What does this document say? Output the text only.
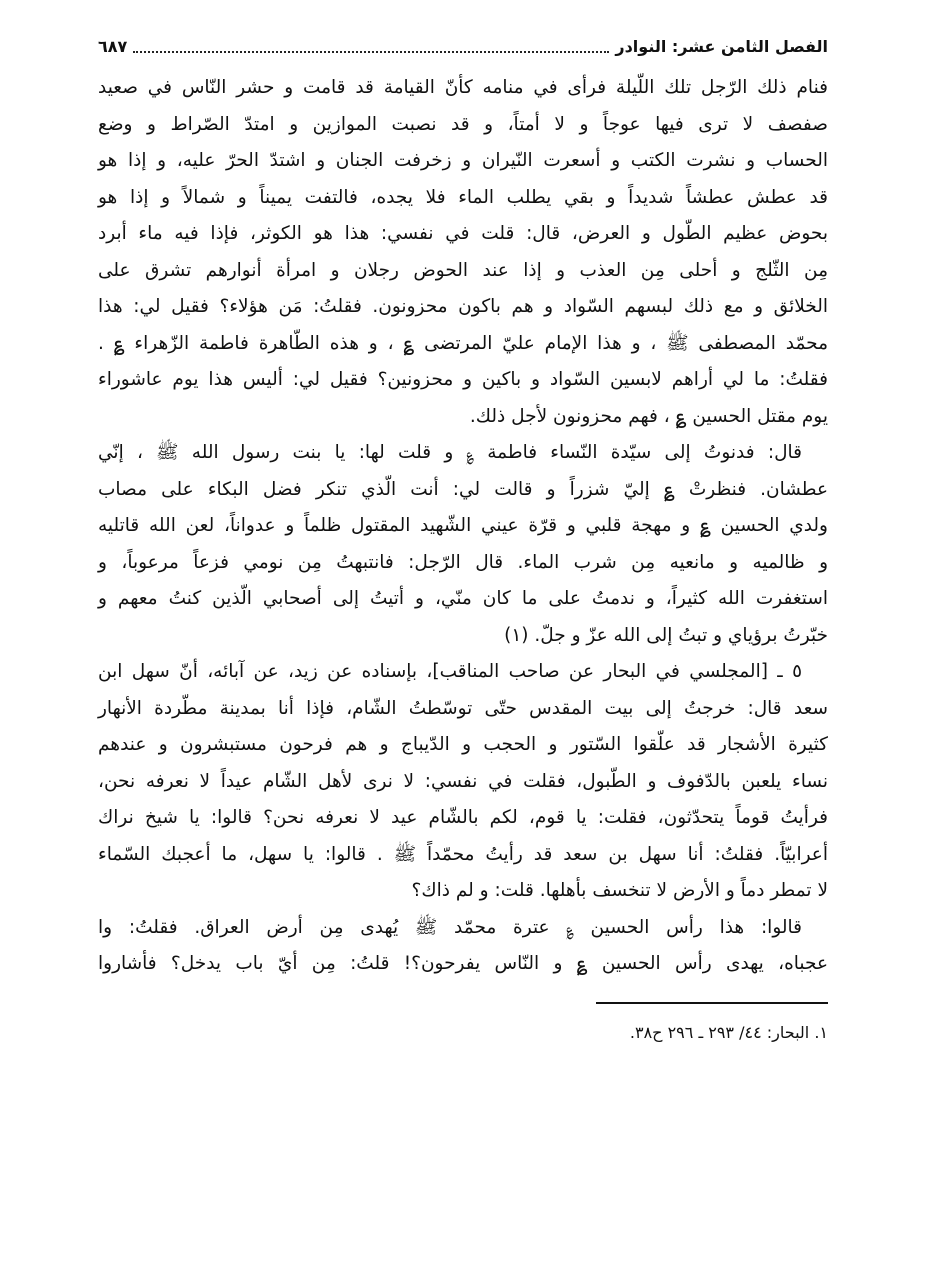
الفصل الثامن عشر: النوادر
٦٨٧
فنام ذلك الرّجل تلك اللّيلة فرأى في منامه كأنّ القيامة قد قامت و حشر النّاس في صعيد
صفصف لا ترى فيها عوجاً و لا أمتاً، و قد نصبت الموازين و امتدّ الصّراط و وضع
الحساب و نشرت الكتب و أسعرت النّيران و زخرفت الجنان و اشتدّ الحرّ عليه، و إذا هو
قد عطش عطشاً شديداً و بقي يطلب الماء فلا يجده، فالتفت يميناً و شمالاً و إذا هو
بحوض عظيم الطّول و العرض، قال: قلت في نفسي: هذا هو الكوثر، فإذا فيه ماء أبرد
مِن الثّلج و أحلى مِن العذب و إذا عند الحوض رجلان و امرأة أنوارهم تشرق على
الخلائق و مع ذلك لبسهم السّواد و هم باكون محزونون. فقلتُ: مَن هؤلاء؟ فقيل لي: هذا
محمّد المصطفى ﷺ ، و هذا الإمام عليّ المرتضى ؏ ، و هذه الطّاهرة فاطمة الزّهراء ؏ .
فقلتُ: ما لي أراهم لابسين السّواد و باكين و محزونين؟ فقيل لي: أليس هذا يوم عاشوراء
يوم مقتل الحسين ؏ ، فهم محزونون لأجل ذلك.
قال: فدنوتُ إلى سيّدة النّساء فاطمة ؏ و قلت لها: يا بنت رسول الله ﷺ ، إنّي
عطشان. فنظرتْ ؏ إليّ شزراً و قالت لي: أنت الّذي تنكر فضل البكاء على مصاب
ولدي الحسين ؏ و مهجة قلبي و قرّة عيني الشّهيد المقتول ظلماً و عدواناً، لعن الله قاتليه
و ظالميه و مانعيه مِن شرب الماء. قال الرّجل: فانتبهتُ مِن نومي فزعاً مرعوباً، و
استغفرت الله كثيراً، و ندمتُ على ما كان منّي، و أتيتُ إلى أصحابي الّذين كنتُ معهم و
خبّرتُ برؤياي و تبتُ إلى الله عزّ و جلّ. (١)
٥ ـ [المجلسي في البحار عن صاحب المناقب]، بإسناده عن زيد، عن آبائه، أنّ سهل ابن
سعد قال: خرجتُ إلى بيت المقدس حتّى توسّطتُ الشّام، فإذا أنا بمدينة مطّردة الأنهار
كثيرة الأشجار قد علّقوا السّتور و الحجب و الدّيباج و هم فرحون مستبشرون و عندهم
نساء يلعبن بالدّفوف و الطّبول، فقلت في نفسي: لا نرى لأهل الشّام عيداً لا نعرفه نحن،
فرأيتُ قوماً يتحدّثون، فقلت: يا قوم، لكم بالشّام عيد لا نعرفه نحن؟ قالوا: يا شيخ نراك
أعرابيّاً. فقلتُ: أنا سهل بن سعد قد رأيتُ محمّداً ﷺ . قالوا: يا سهل، ما أعجبك السّماء
لا تمطر دماً و الأرض لا تنخسف بأهلها. قلت: و لم ذاك؟
قالوا: هذا رأس الحسين ؏ عترة محمّد ﷺ يُهدى مِن أرض العراق. فقلتُ: وا
عجباه، يهدى رأس الحسين ؏ و النّاس يفرحون؟! قلتُ: مِن أيّ باب يدخل؟ فأشاروا
١. البحار: ٤٤/ ٢٩٣ ـ ٢٩٦ ح٣٨.
